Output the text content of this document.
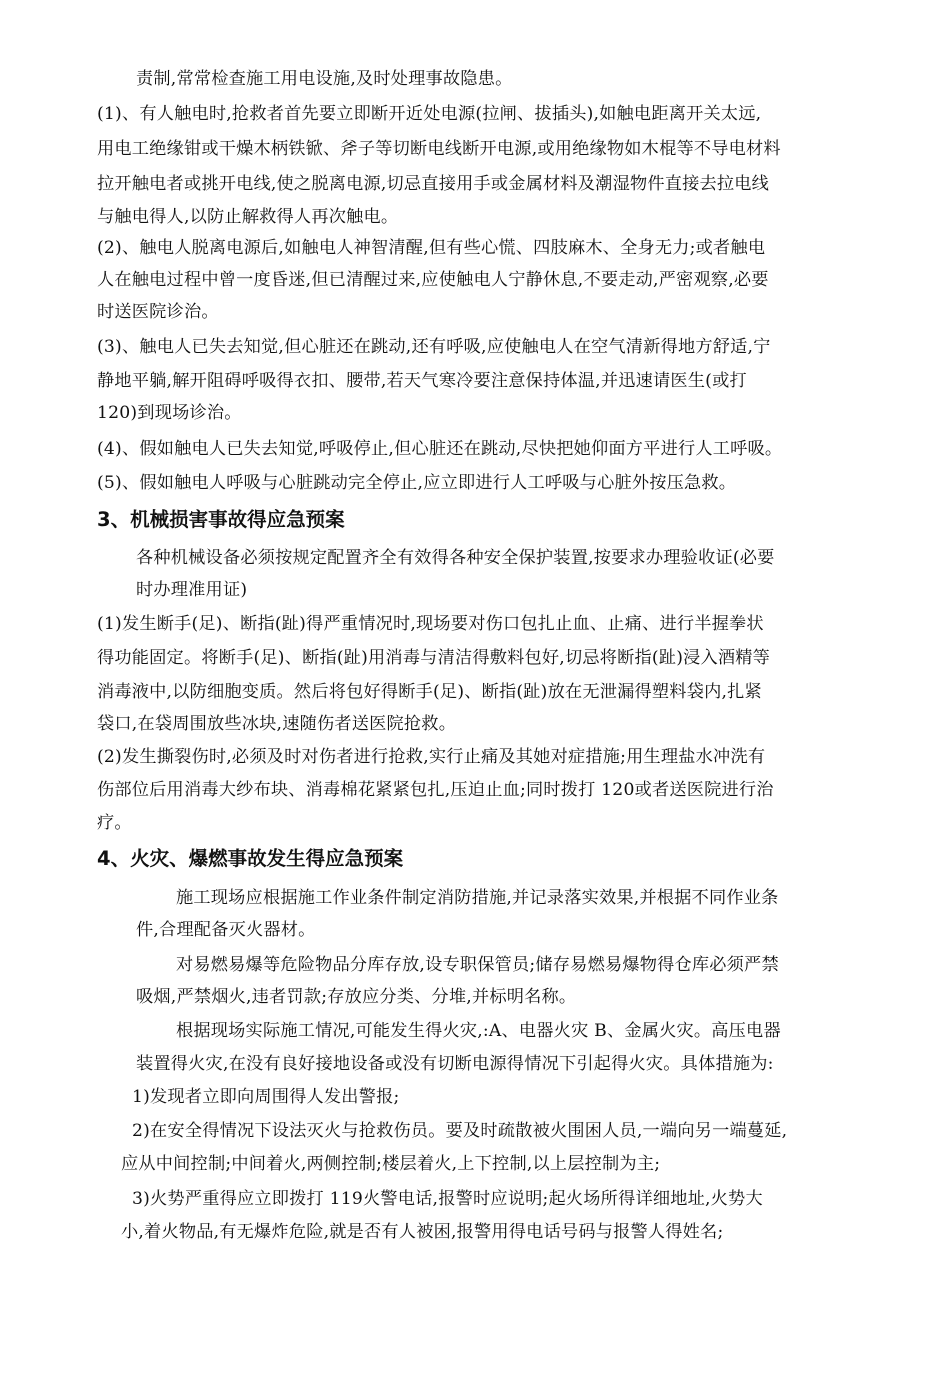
责制,常常检查施工用电设施,及时处理事故隐患。
(1)、有人触电时,抢救者首先要立即断开近处电源(拉闸、拔插头),如触电距离开关太远,
用电工绝缘钳或干燥木柄铁锨、斧子等切断电线断开电源,或用绝缘物如木棍等不导电材料
拉开触电者或挑开电线,使之脱离电源,切忌直接用手或金属材料及潮湿物件直接去拉电线
与触电得人,以防止解救得人再次触电。
(2)、触电人脱离电源后,如触电人神智清醒,但有些心慌、四肢麻木、全身无力;或者触电
人在触电过程中曾一度昏迷,但已清醒过来,应使触电人宁静休息,不要走动,严密观察,必要
时送医院诊治。
(3)、触电人已失去知觉,但心脏还在跳动,还有呼吸,应使触电人在空气清新得地方舒适,宁
静地平躺,解开阻碍呼吸得衣扣、腰带,若天气寒冷要注意保持体温,并迅速请医生(或打
120)到现场诊治。
(4)、假如触电人已失去知觉,呼吸停止,但心脏还在跳动,尽快把她仰面方平进行人工呼吸。
(5)、假如触电人呼吸与心脏跳动完全停止,应立即进行人工呼吸与心脏外按压急救。
3、机械损害事故得应急预案
各种机械设备必须按规定配置齐全有效得各种安全保护装置,按要求办理验收证(必要
时办理准用证)
(1)发生断手(足)、断指(趾)得严重情况时,现场要对伤口包扎止血、止痛、进行半握拳状
得功能固定。将断手(足)、断指(趾)用消毒与清洁得敷料包好,切忌将断指(趾)浸入酒精等
消毒液中,以防细胞变质。然后将包好得断手(足)、断指(趾)放在无泄漏得塑料袋内,扎紧
袋口,在袋周围放些冰块,速随伤者送医院抢救。
(2)发生撕裂伤时,必须及时对伤者进行抢救,实行止痛及其她对症措施;用生理盐水冲洗有
伤部位后用消毒大纱布块、消毒棉花紧紧包扎,压迫止血;同时拨打 120或者送医院进行治
疗。
4、火灾、爆燃事故发生得应急预案
施工现场应根据施工作业条件制定消防措施,并记录落实效果,并根据不同作业条
件,合理配备灭火器材。
对易燃易爆等危险物品分库存放,设专职保管员;储存易燃易爆物得仓库必须严禁
吸烟,严禁烟火,违者罚款;存放应分类、分堆,并标明名称。
根据现场实际施工情况,可能发生得火灾,:A、电器火灾 B、金属火灾。高压电器
装置得火灾,在没有良好接地设备或没有切断电源得情况下引起得火灾。具体措施为:
1)发现者立即向周围得人发出警报;
2)在安全得情况下设法灭火与抢救伤员。要及时疏散被火围困人员,一端向另一端蔓延,
应从中间控制;中间着火,两侧控制;楼层着火,上下控制,以上层控制为主;
3)火势严重得应立即拨打 119火警电话,报警时应说明;起火场所得详细地址,火势大
小,着火物品,有无爆炸危险,就是否有人被困,报警用得电话号码与报警人得姓名;
